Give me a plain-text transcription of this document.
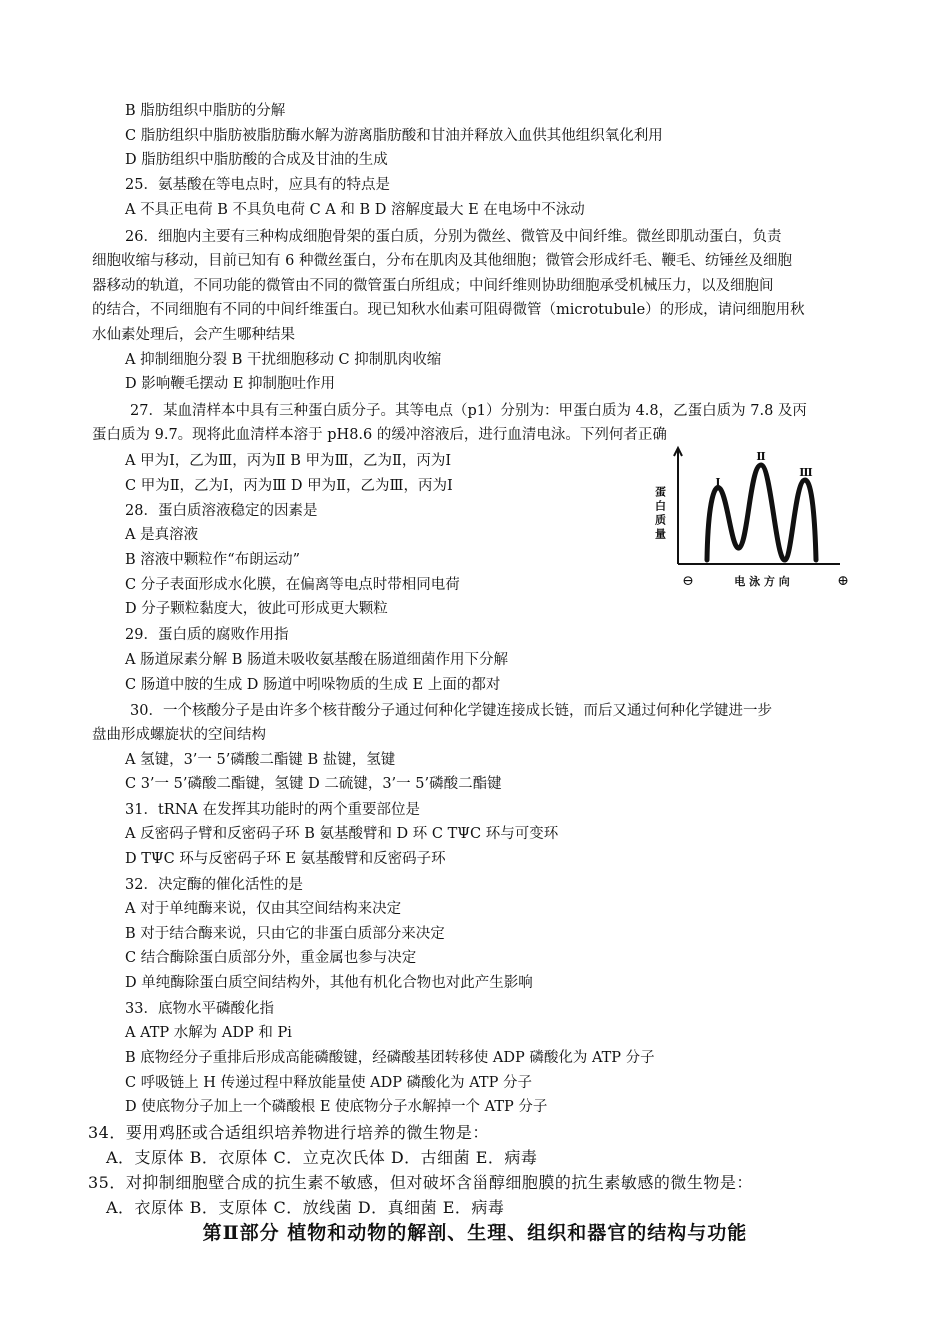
B 脂肪组织中脂肪的分解
C 脂肪组织中脂肪被脂肪酶水解为游离脂肪酸和甘油并释放入血供其他组织氧化利用
D 脂肪组织中脂肪酸的合成及甘油的生成
25．氨基酸在等电点时，应具有的特点是
A 不具正电荷 B 不具负电荷 C A 和 B D 溶解度最大 E 在电场中不泳动
26．细胞内主要有三种构成细胞骨架的蛋白质，分别为微丝、微管及中间纤维。微丝即肌动蛋白，负责
细胞收缩与移动，目前已知有 6 种微丝蛋白，分布在肌肉及其他细胞；微管会形成纤毛、鞭毛、纺锤丝及细胞
器移动的轨道，不同功能的微管由不同的微管蛋白所组成；中间纤维则协助细胞承受机械压力，以及细胞间
的结合，不同细胞有不同的中间纤维蛋白。现已知秋水仙素可阻碍微管（microtubule）的形成，请问细胞用秋
水仙素处理后，会产生哪种结果
A 抑制细胞分裂 B 干扰细胞移动 C 抑制肌肉收缩
D 影响鞭毛摆动 E 抑制胞吐作用
27．某血清样本中具有三种蛋白质分子。其等电点（p1）分别为：甲蛋白质为 4.8，乙蛋白质为 7.8 及丙
蛋白质为 9.7。现将此血清样本溶于 pH8.6 的缓冲溶液后，进行血清电泳。下列何者正确
A 甲为Ⅰ，乙为Ⅲ，丙为Ⅱ B 甲为Ⅲ，乙为Ⅱ，丙为Ⅰ
C 甲为Ⅱ，乙为Ⅰ，丙为Ⅲ D 甲为Ⅱ，乙为Ⅲ，丙为Ⅰ
28．蛋白质溶液稳定的因素是
A 是真溶液
B 溶液中颗粒作“布朗运动”
C 分子表面形成水化膜，在偏离等电点时带相同电荷
D 分子颗粒黏度大，彼此可形成更大颗粒
29．蛋白质的腐败作用指
A 肠道尿素分解 B 肠道未吸收氨基酸在肠道细菌作用下分解
C 肠道中胺的生成 D 肠道中吲哚物质的生成 E 上面的都对
30．一个核酸分子是由许多个核苷酸分子通过何种化学键连接成长链，而后又通过何种化学键进一步
盘曲形成螺旋状的空间结构
A 氢键，3’一 5’磷酸二酯键 B 盐键，氢键
C 3’一 5’磷酸二酯键，氢键 D 二硫键，3’一 5’磷酸二酯键
31．tRNA 在发挥其功能时的两个重要部位是
A 反密码子臂和反密码子环 B 氨基酸臂和 D 环 C TΨC 环与可变环
D TΨC 环与反密码子环 E 氨基酸臂和反密码子环
32．决定酶的催化活性的是
A 对于单纯酶来说，仅由其空间结构来决定
B 对于结合酶来说，只由它的非蛋白质部分来决定
C 结合酶除蛋白质部分外，重金属也参与决定
D 单纯酶除蛋白质空间结构外，其他有机化合物也对此产生影响
33．底物水平磷酸化指
A ATP 水解为 ADP 和 Pi
B 底物经分子重排后形成高能磷酸键，经磷酸基团转移使 ADP 磷酸化为 ATP 分子
C 呼吸链上 H 传递过程中释放能量使 ADP 磷酸化为 ATP 分子
D 使底物分子加上一个磷酸根 E 使底物分子水解掉一个 ATP 分子
34．要用鸡胚或合适组织培养物进行培养的微生物是：
A．支原体 B．衣原体 C．立克次氏体 D．古细菌 E．病毒
35．对抑制细胞壁合成的抗生素不敏感，但对破坏含甾醇细胞膜的抗生素敏感的微生物是：
A．衣原体 B．支原体 C．放线菌 D．真细菌 E．病毒
第Ⅱ部分 植物和动物的解剖、生理、组织和器官的结构与功能
Ⅰ
Ⅱ
Ⅲ
蛋白质量
⊖	电 泳 方 向	⊕
